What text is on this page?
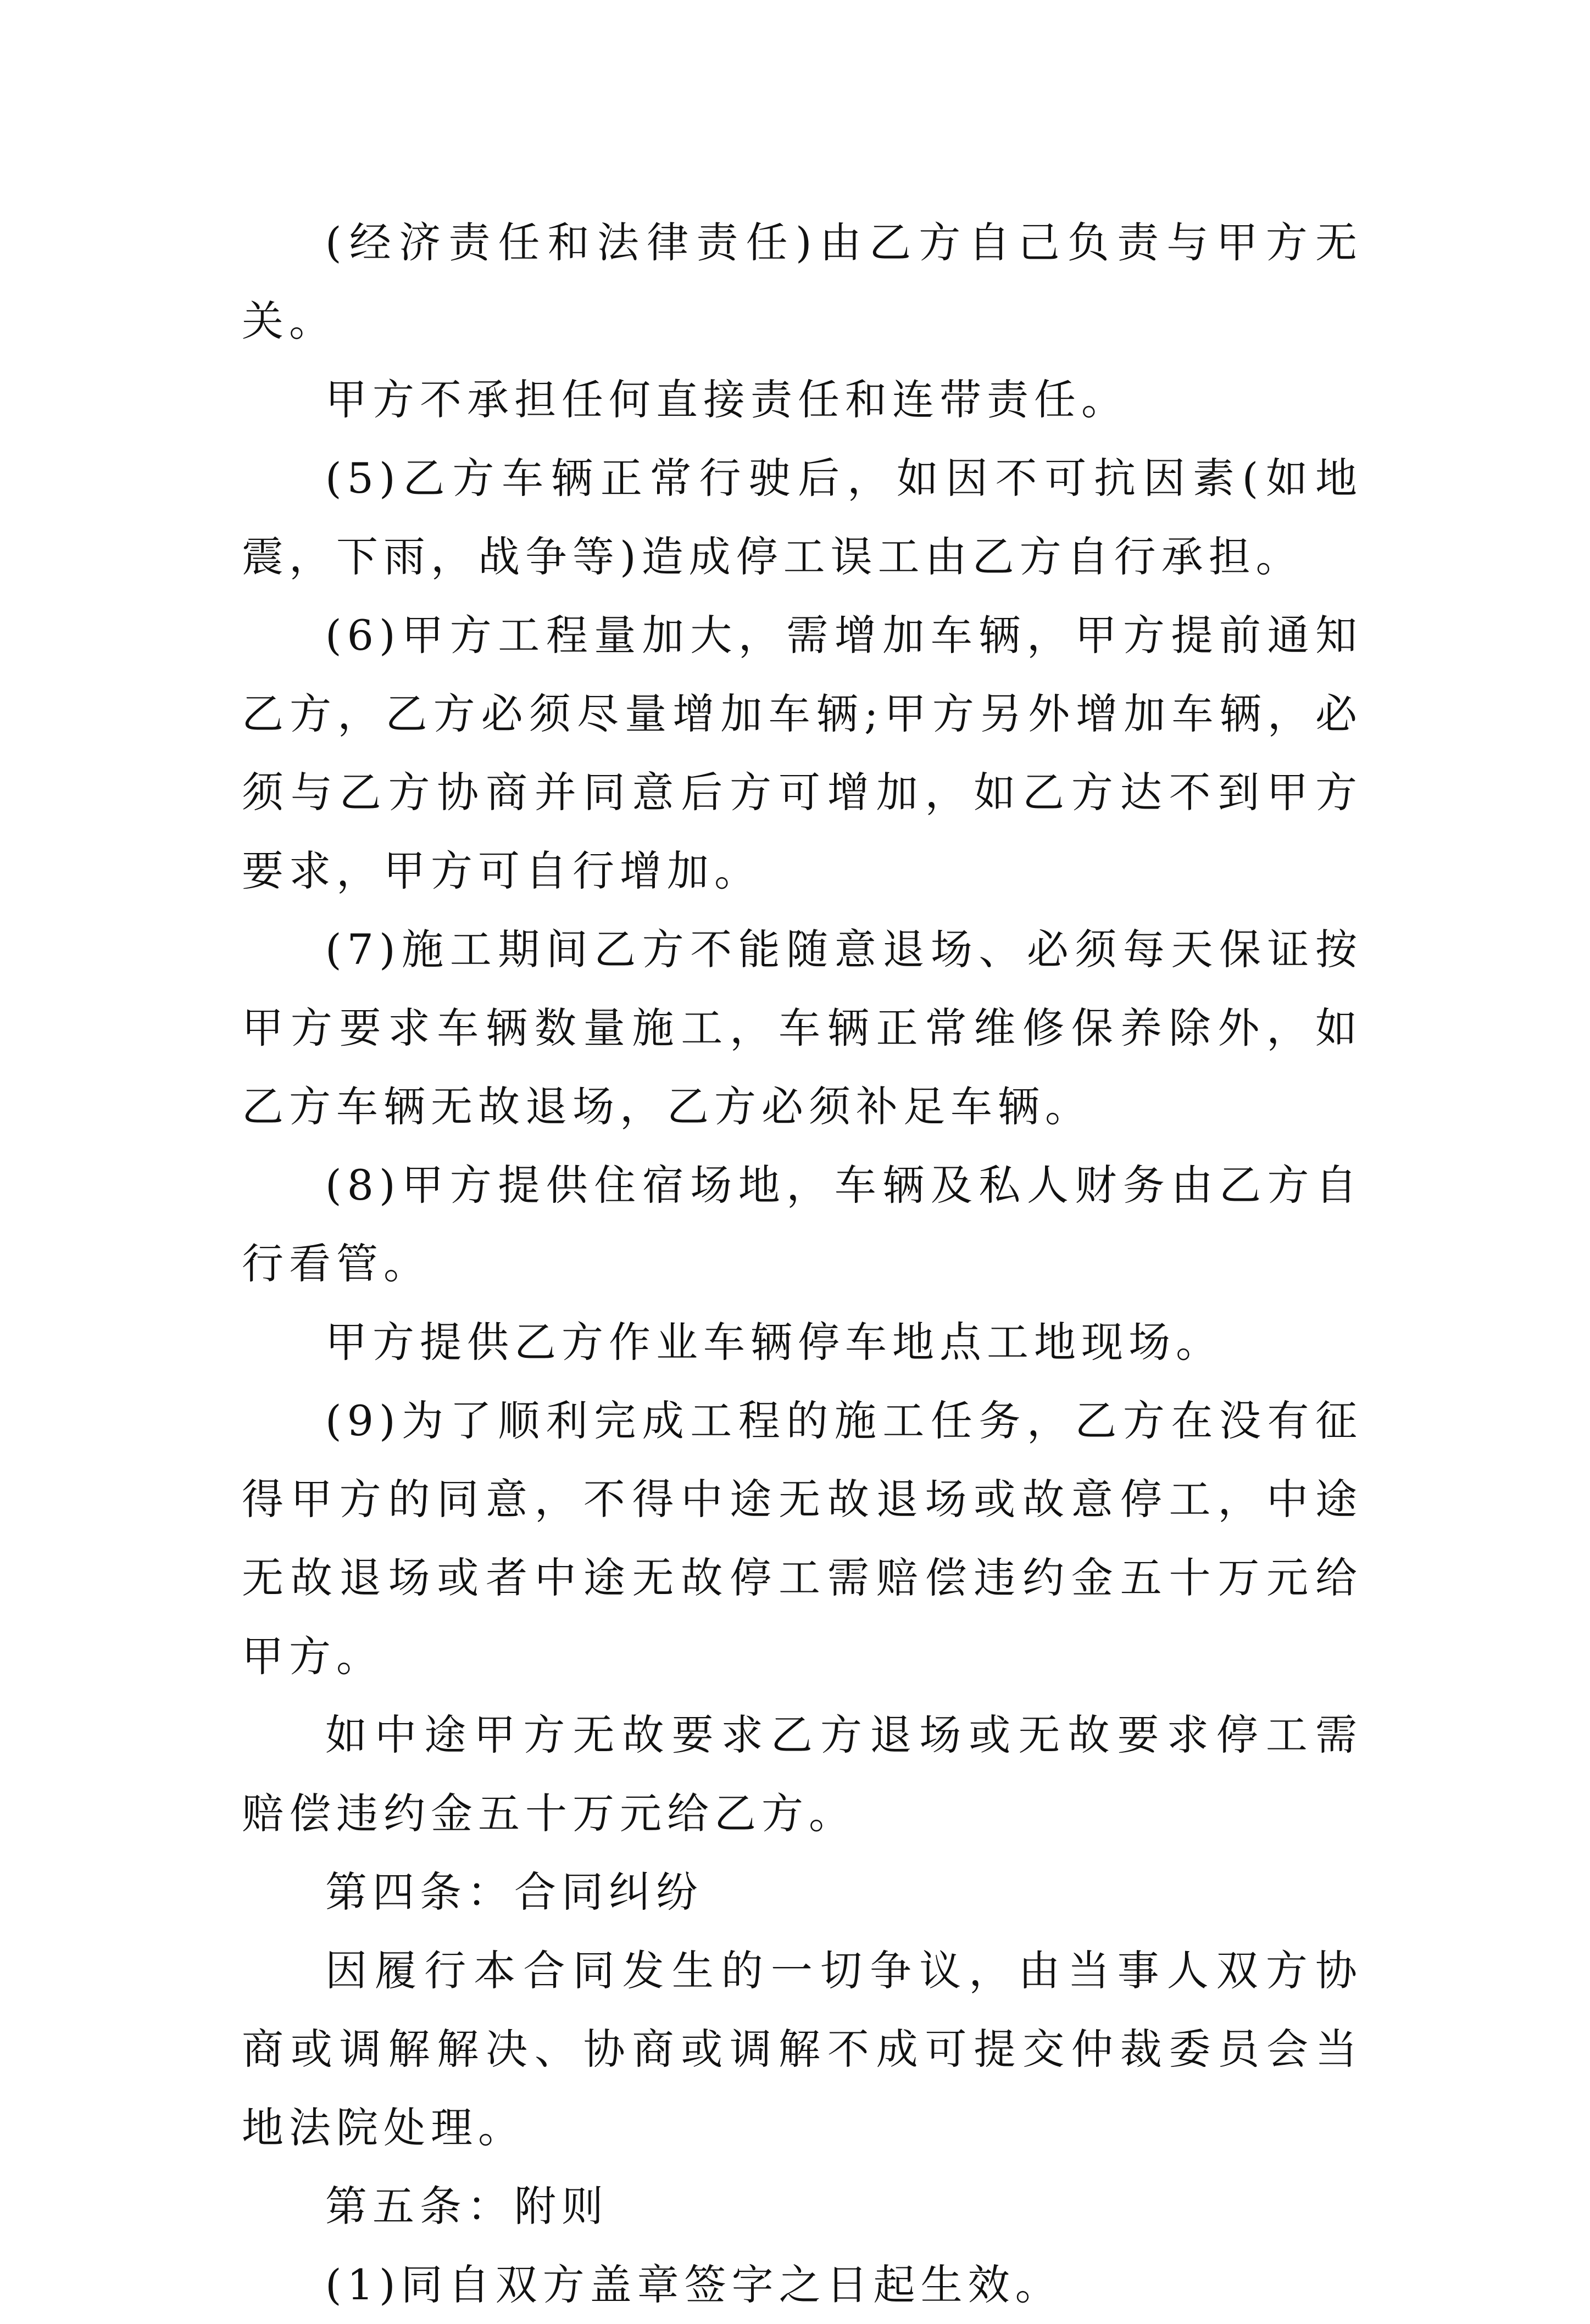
(经济责任和法律责任)由乙方自己负责与甲方无关。

甲方不承担任何直接责任和连带责任。

(5)乙方车辆正常行驶后，如因不可抗因素(如地震，下雨，战争等)造成停工误工由乙方自行承担。

(6)甲方工程量加大，需增加车辆，甲方提前通知乙方，乙方必须尽量增加车辆;甲方另外增加车辆，必须与乙方协商并同意后方可增加，如乙方达不到甲方要求，甲方可自行增加。

(7)施工期间乙方不能随意退场、必须每天保证按甲方要求车辆数量施工，车辆正常维修保养除外，如乙方车辆无故退场，乙方必须补足车辆。

(8)甲方提供住宿场地，车辆及私人财务由乙方自行看管。

甲方提供乙方作业车辆停车地点工地现场。

(9)为了顺利完成工程的施工任务，乙方在没有征得甲方的同意，不得中途无故退场或故意停工，中途无故退场或者中途无故停工需赔偿违约金五十万元给甲方。

如中途甲方无故要求乙方退场或无故要求停工需赔偿违约金五十万元给乙方。

第四条：合同纠纷

因履行本合同发生的一切争议，由当事人双方协商或调解解决、协商或调解不成可提交仲裁委员会当地法院处理。

第五条：附则

(1)同自双方盖章签字之日起生效。
